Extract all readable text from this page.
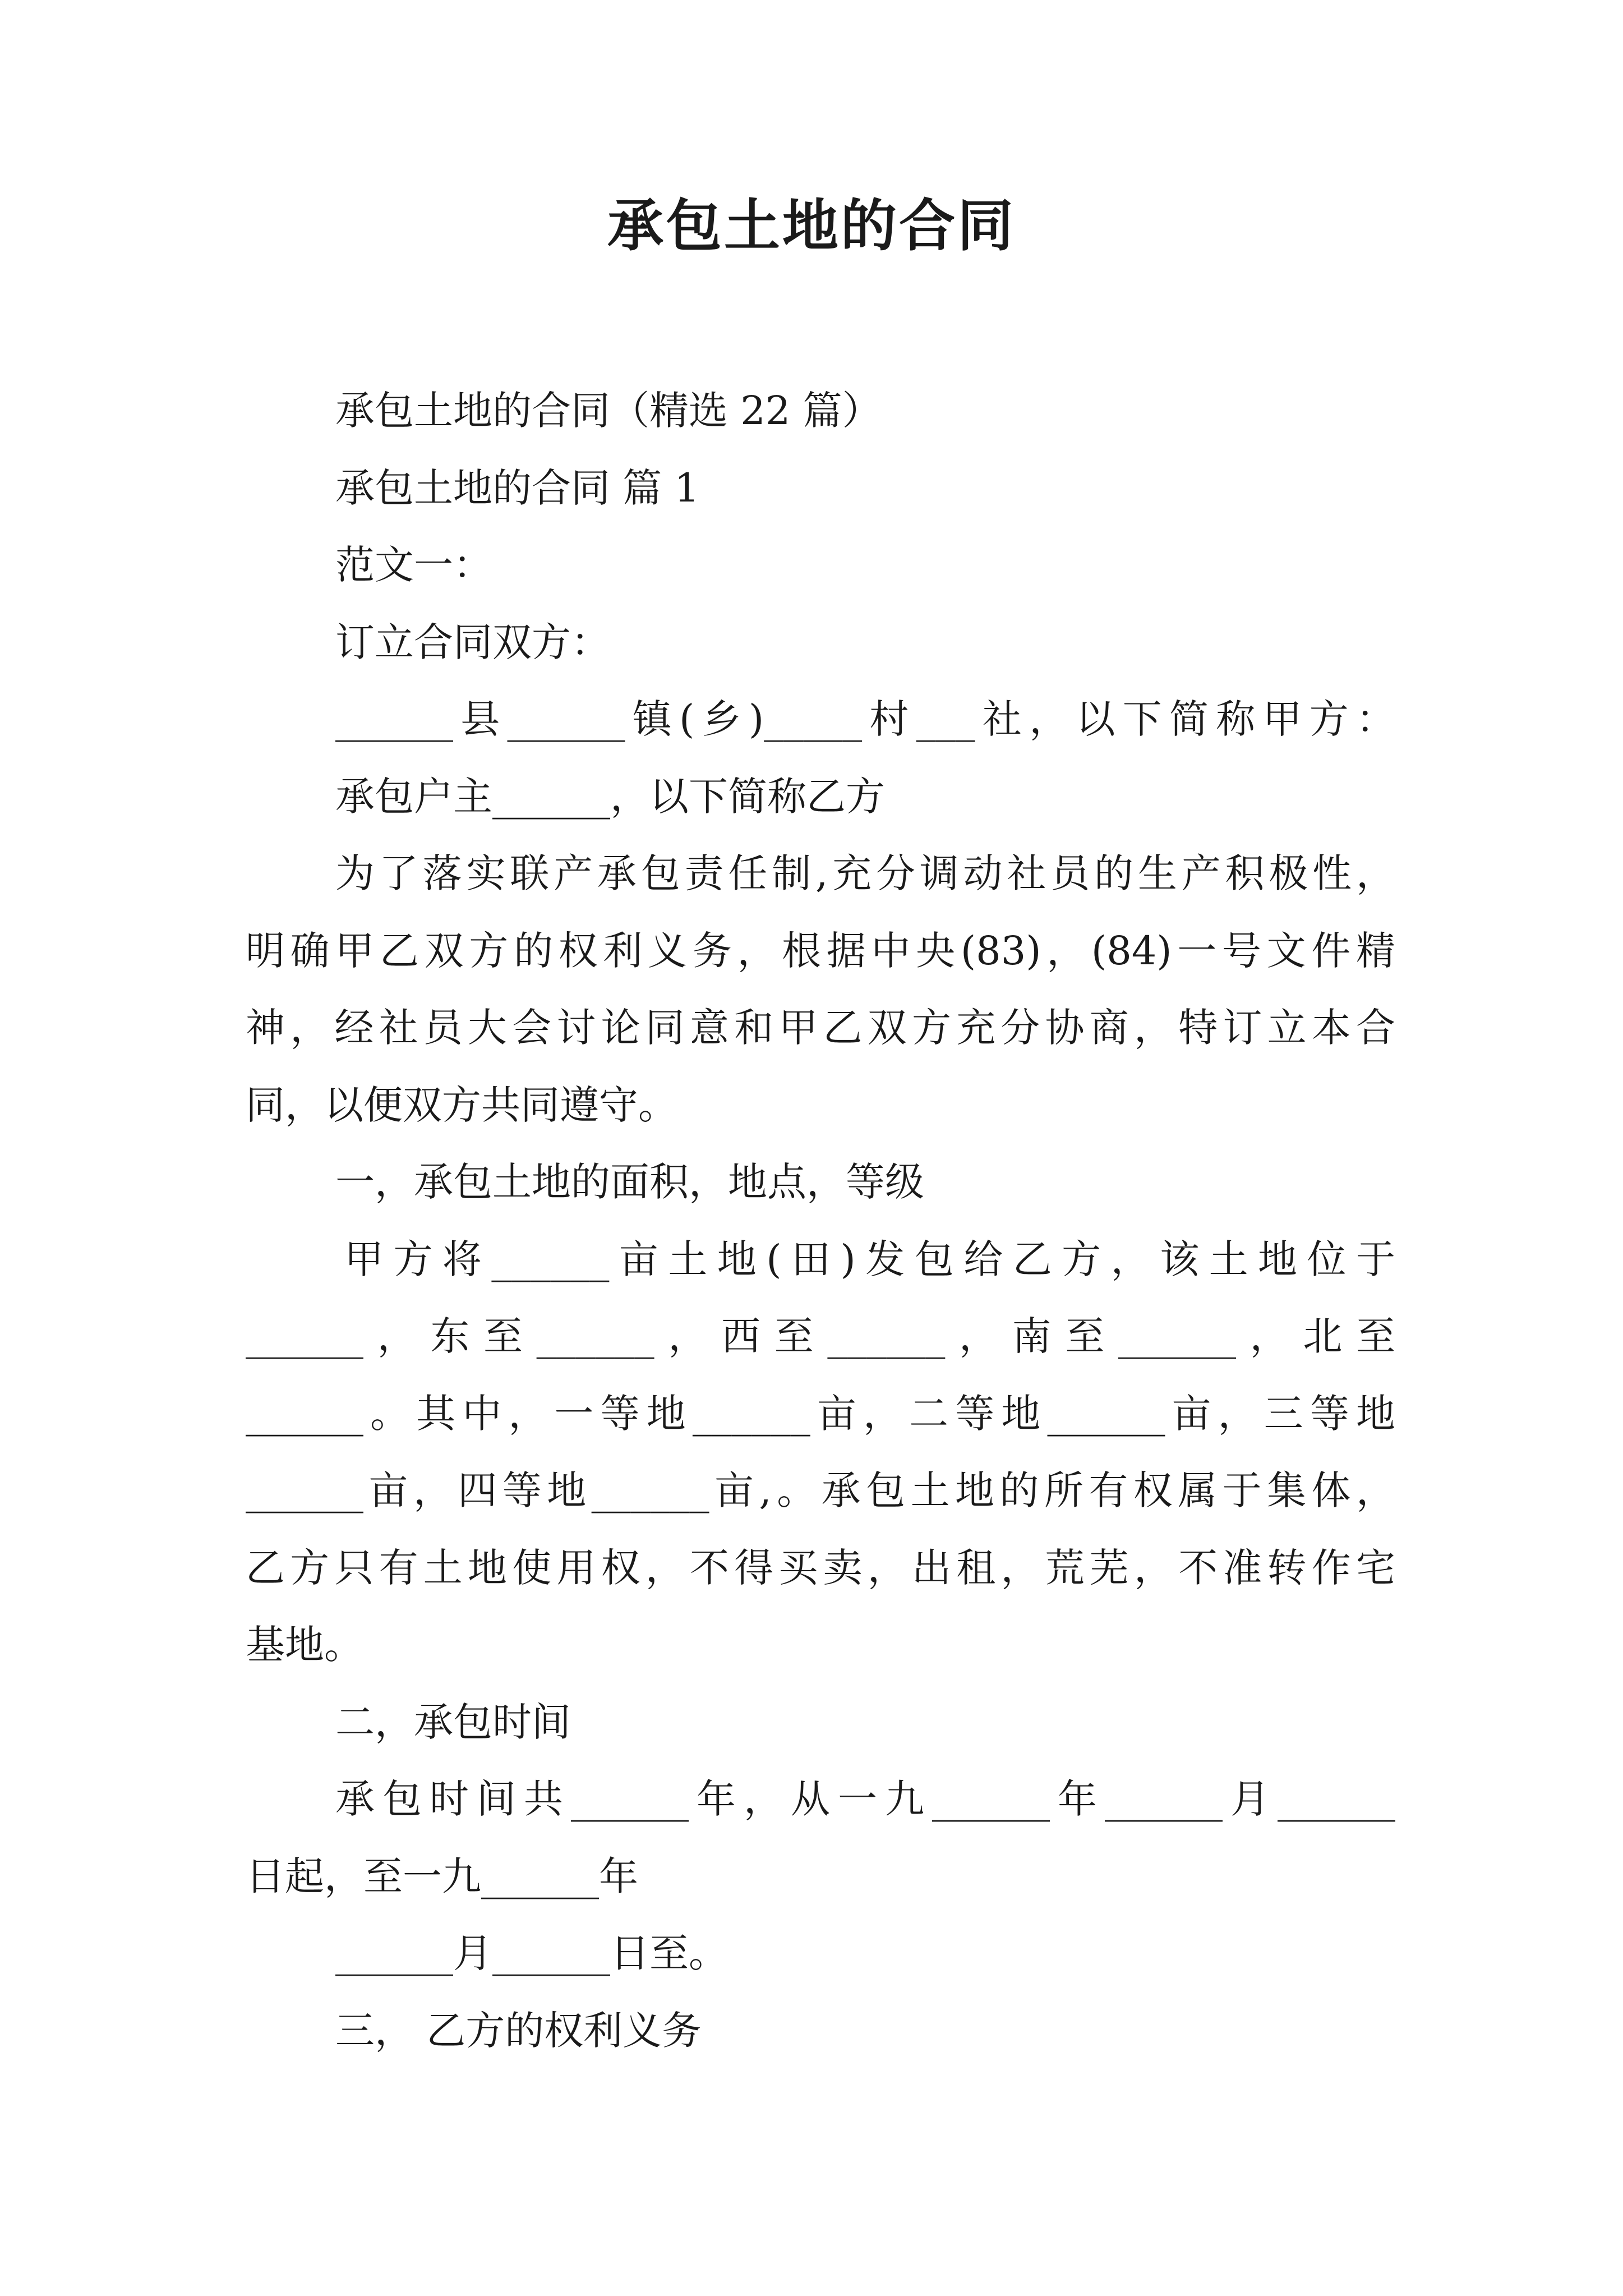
承包土地的合同
承包土地的合同（精选 22 篇）
承包土地的合同 篇 1
范文一：
订立合同双方：
______县______镇(乡)_____村___社，以下简称甲方：
承包户主______，以下简称乙方
为了落实联产承包责任制,充分调动社员的生产积极性，
明确甲乙双方的权利义务，根据中央(83)，(84)一号文件精
神，经社员大会讨论同意和甲乙双方充分协商，特订立本合
同，以便双方共同遵守。
一，承包土地的面积，地点，等级
甲方将______亩土地(田)发包给乙方，该土地位于
______，东至______，西至______，南至______，北至
______。其中，一等地______亩，二等地______亩，三等地
______亩，四等地______亩,。承包土地的所有权属于集体，
乙方只有土地使用权，不得买卖，出租，荒芜，不准转作宅
基地。
二，承包时间
承包时间共______年，从一九______年______月______
日起，至一九______年
______月______日至。
三， 乙方的权利义务
